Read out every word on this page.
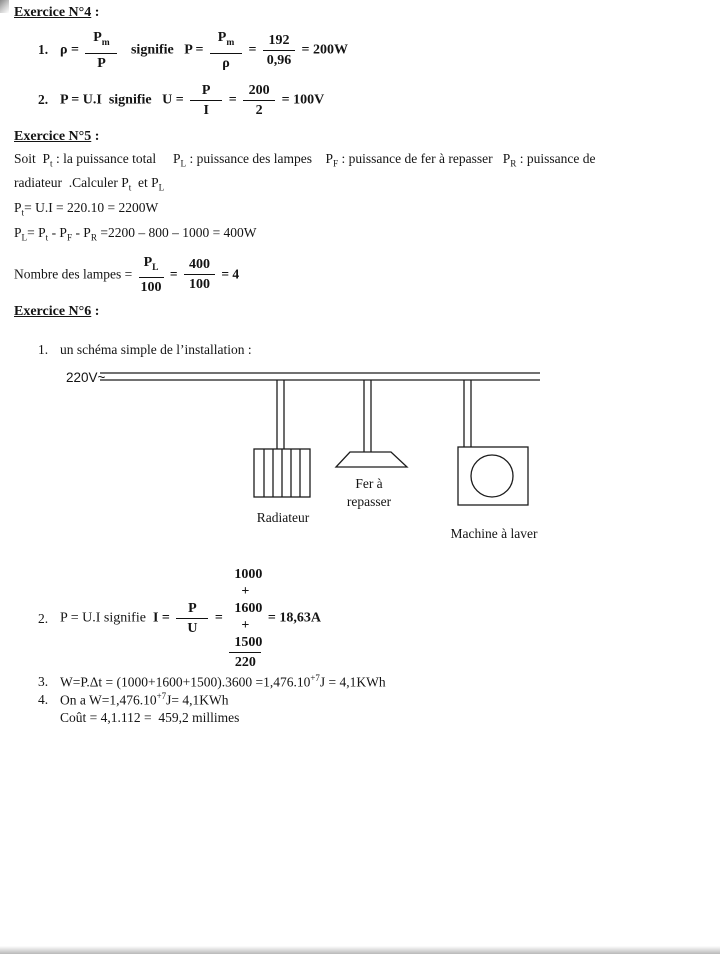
Exercice N°4 :
1. $\rho = \frac{P_m}{P}$ signifie   $P = \frac{P_m}{\rho} = \frac{192}{0,96} = 200W$
2. P = U.I  signifie   $U = \frac{P}{I} = \frac{200}{2} = 100V$
Exercice N°5 :
Soit  $P_t$ : la puissance total     $P_L$ : puissance des lampes    $P_F$ : puissance de fer à repasser   $P_R$ : puissance de
radiateur  .Calculer $P_t$  et $P_L$
$P_t= U.I = 220.10 = 2200W$
$P_L= P_t - P_F - P_R =2200 - 800 - 1000 = 400W$
Nombre des lampes = $\frac{P_L}{100} = \frac{400}{100} = 4$
Exercice N°6 :
1. un schéma simple de l’installation :
220V~
Radiateur
Fer à
repasser
Machine à laver
2. P = U.I signifie  $I = \frac{P}{U} = \frac{1000 + 1600 + 1500}{220} = 18,63A$
3. $W=P.\Delta t = (1000+1600+1500).3600 =1,476.10^{+7}J = 4,1KWh$
4. On a $W=1,476.10^{+7}J= 4,1KWh$
Coût = 4,1.112 =  459,2 millimes
